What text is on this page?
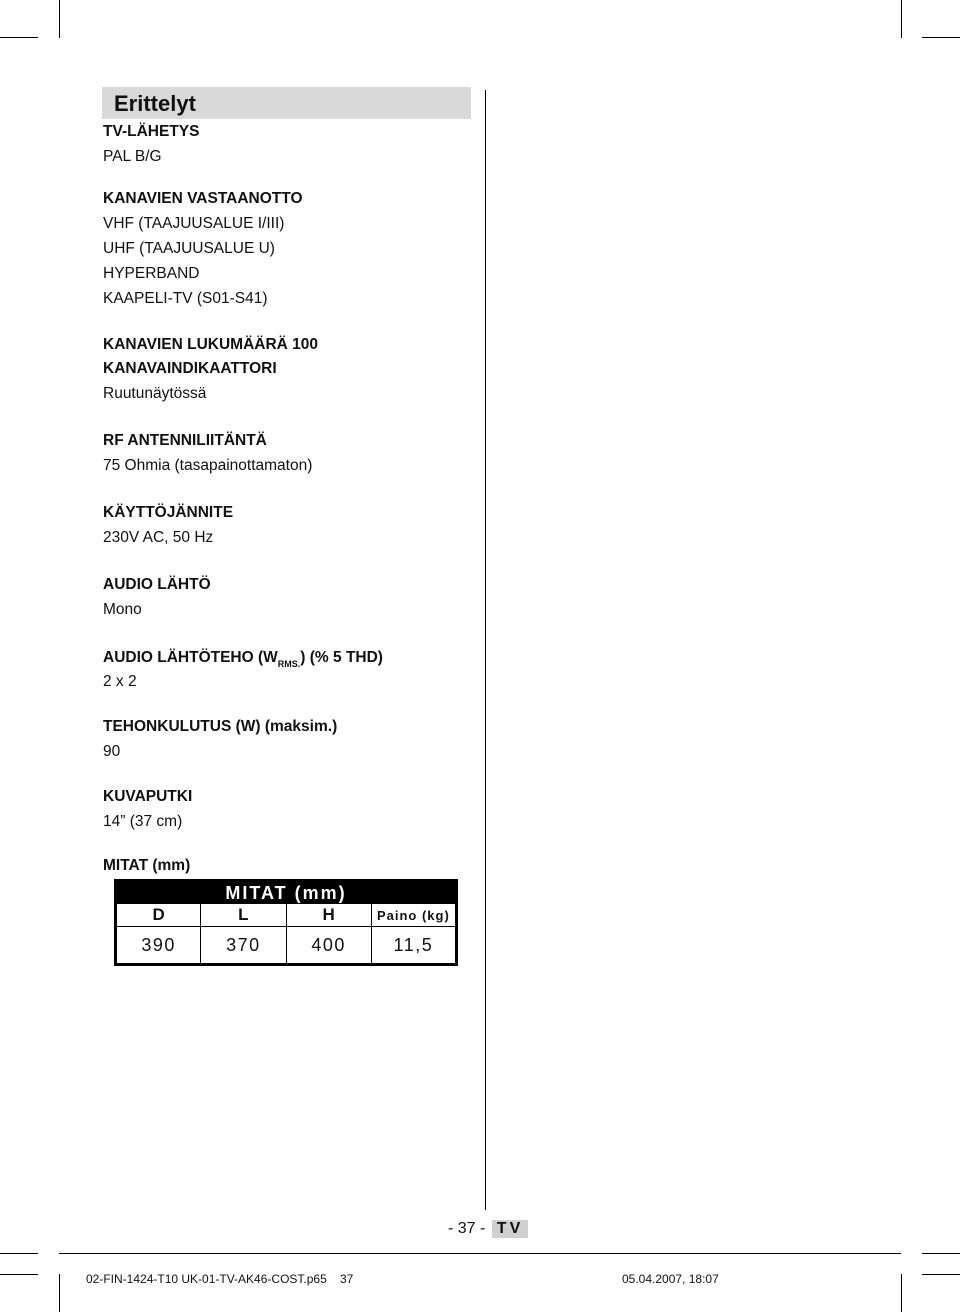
Erittelyt
TV-LÄHETYS
PAL B/G
KANAVIEN VASTAANOTTO
VHF (TAAJUUSALUE I/III)
UHF (TAAJUUSALUE U)
HYPERBAND
KAAPELI-TV (S01-S41)
KANAVIEN LUKUMÄÄRÄ 100
KANAVAINDIKAATTORI
Ruutunäytössä
RF ANTENNILIITÄNTÄ
75 Ohmia (tasapainottamaton)
KÄYTTÖJÄNNITE
230V AC, 50 Hz
AUDIO LÄHTÖ
Mono
AUDIO LÄHTÖTEHO $(W_{RMS.})$ (% 5 THD)
2 x 2
TEHONKULUTUS (W) (maksim.)
90
KUVAPUTKI
14” (37 cm)
MITAT (mm)
MITAT (mm)			
D	L	H	Paino (kg)
390	370	400	11,5
- 37 - TV
02-FIN-1424-T10 UK-01-TV-AK46-COST.p65 37	05.04.2007, 18:07
